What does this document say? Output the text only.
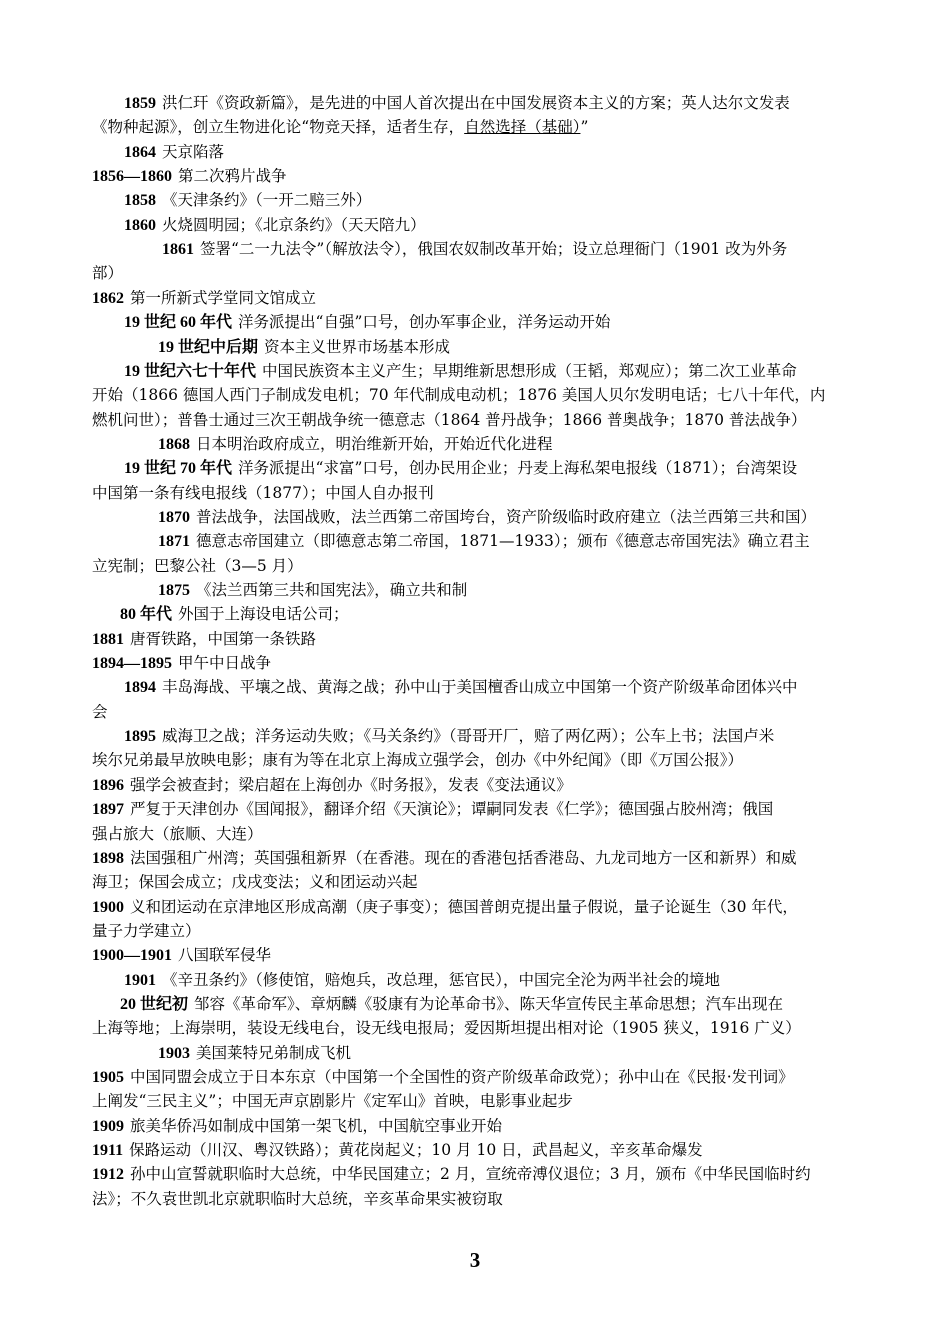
1859 洪仁玕《资政新篇》，是先进的中国人首次提出在中国发展资本主义的方案；英人达尔文发表
《物种起源》，创立生物进化论“物竞天择，适者生存，自然选择（基础）”
1864 天京陷落
1856—1860 第二次鸦片战争
1858 《天津条约》（一开二赔三外）
1860 火烧圆明园；《北京条约》（天天陪九）
1861 签署“二一九法令”（解放法令），俄国农奴制改革开始；设立总理衙门（1901 改为外务
部）
1862 第一所新式学堂同文馆成立
19 世纪 60 年代 洋务派提出“自强”口号，创办军事企业，洋务运动开始
19 世纪中后期 资本主义世界市场基本形成
19 世纪六七十年代 中国民族资本主义产生；早期维新思想形成（王韬，郑观应）；第二次工业革命
开始（1866 德国人西门子制成发电机；70 年代制成电动机；1876 美国人贝尔发明电话；七八十年代，内
燃机问世）；普鲁士通过三次王朝战争统一德意志（1864 普丹战争；1866 普奥战争；1870 普法战争）
1868 日本明治政府成立，明治维新开始，开始近代化进程
19 世纪 70 年代 洋务派提出“求富”口号，创办民用企业；丹麦上海私架电报线（1871）；台湾架设
中国第一条有线电报线（1877）；中国人自办报刊
1870 普法战争，法国战败，法兰西第二帝国垮台，资产阶级临时政府建立（法兰西第三共和国）
1871 德意志帝国建立（即德意志第二帝国，1871—1933）；颁布《德意志帝国宪法》确立君主
立宪制；巴黎公社（3—5 月）
1875 《法兰西第三共和国宪法》，确立共和制
80 年代 外国于上海设电话公司；
1881 唐胥铁路，中国第一条铁路
1894—1895 甲午中日战争
1894 丰岛海战、平壤之战、黄海之战；孙中山于美国檀香山成立中国第一个资产阶级革命团体兴中
会
1895 威海卫之战；洋务运动失败；《马关条约》（哥哥开厂，赔了两亿两）；公车上书；法国卢米
埃尔兄弟最早放映电影；康有为等在北京上海成立强学会，创办《中外纪闻》（即《万国公报》）
1896 强学会被查封；梁启超在上海创办《时务报》，发表《变法通议》
1897 严复于天津创办《国闻报》，翻译介绍《天演论》；谭嗣同发表《仁学》；德国强占胶州湾；俄国
强占旅大（旅顺、大连）
1898 法国强租广州湾；英国强租新界（在香港。现在的香港包括香港岛、九龙司地方一区和新界）和威
海卫；保国会成立；戊戌变法；义和团运动兴起
1900 义和团运动在京津地区形成高潮（庚子事变）；德国普朗克提出量子假说，量子论诞生（30 年代，
量子力学建立）
1900—1901 八国联军侵华
1901 《辛丑条约》（修使馆，赔炮兵，改总理，惩官民），中国完全沦为两半社会的境地
20 世纪初 邹容《革命军》、章炳麟《驳康有为论革命书》、陈天华宣传民主革命思想；汽车出现在
上海等地；上海崇明，装设无线电台，设无线电报局；爱因斯坦提出相对论（1905 狭义，1916 广义）
1903 美国莱特兄弟制成飞机
1905 中国同盟会成立于日本东京（中国第一个全国性的资产阶级革命政党）；孙中山在《民报·发刊词》
上阐发“三民主义”；中国无声京剧影片《定军山》首映，电影事业起步
1909 旅美华侨冯如制成中国第一架飞机，中国航空事业开始
1911 保路运动（川汉、粤汉铁路）；黄花岗起义；10 月 10 日，武昌起义，辛亥革命爆发
1912 孙中山宣誓就职临时大总统，中华民国建立；2 月，宣统帝溥仪退位；3 月，颁布《中华民国临时约
法》；不久袁世凯北京就职临时大总统，辛亥革命果实被窃取
3
